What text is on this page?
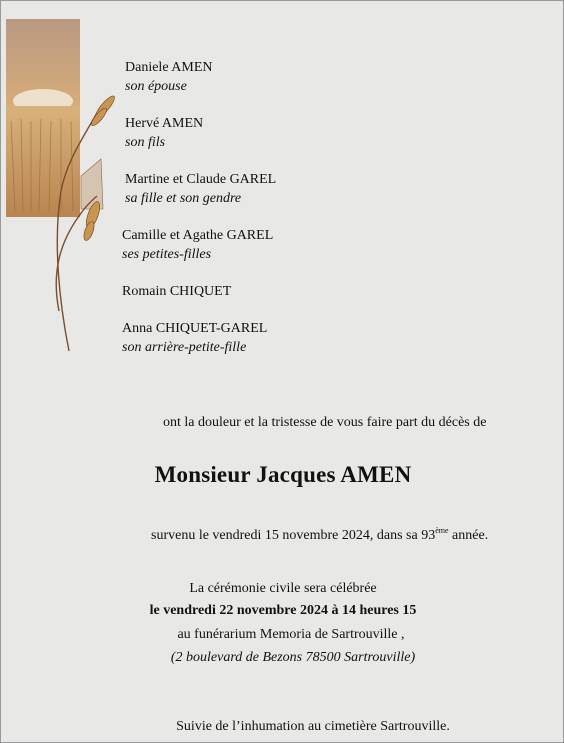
Daniele AMEN
son épouse
Hervé AMEN
son fils
Martine et Claude GAREL
sa fille et son gendre
Camille et Agathe GAREL
ses petites-filles
Romain CHIQUET
Anna CHIQUET-GAREL
son arrière-petite-fille
ont la douleur et la tristesse de vous faire part du décès de
Monsieur Jacques AMEN
survenu le vendredi 15 novembre 2024, dans sa 93ème année.
La cérémonie civile sera célébrée
le vendredi 22 novembre 2024 à 14 heures 15
au funérarium Memoria de Sartrouville ,
(2 boulevard de Bezons 78500 Sartrouville)
Suivie de l’inhumation au cimetière Sartrouville.
